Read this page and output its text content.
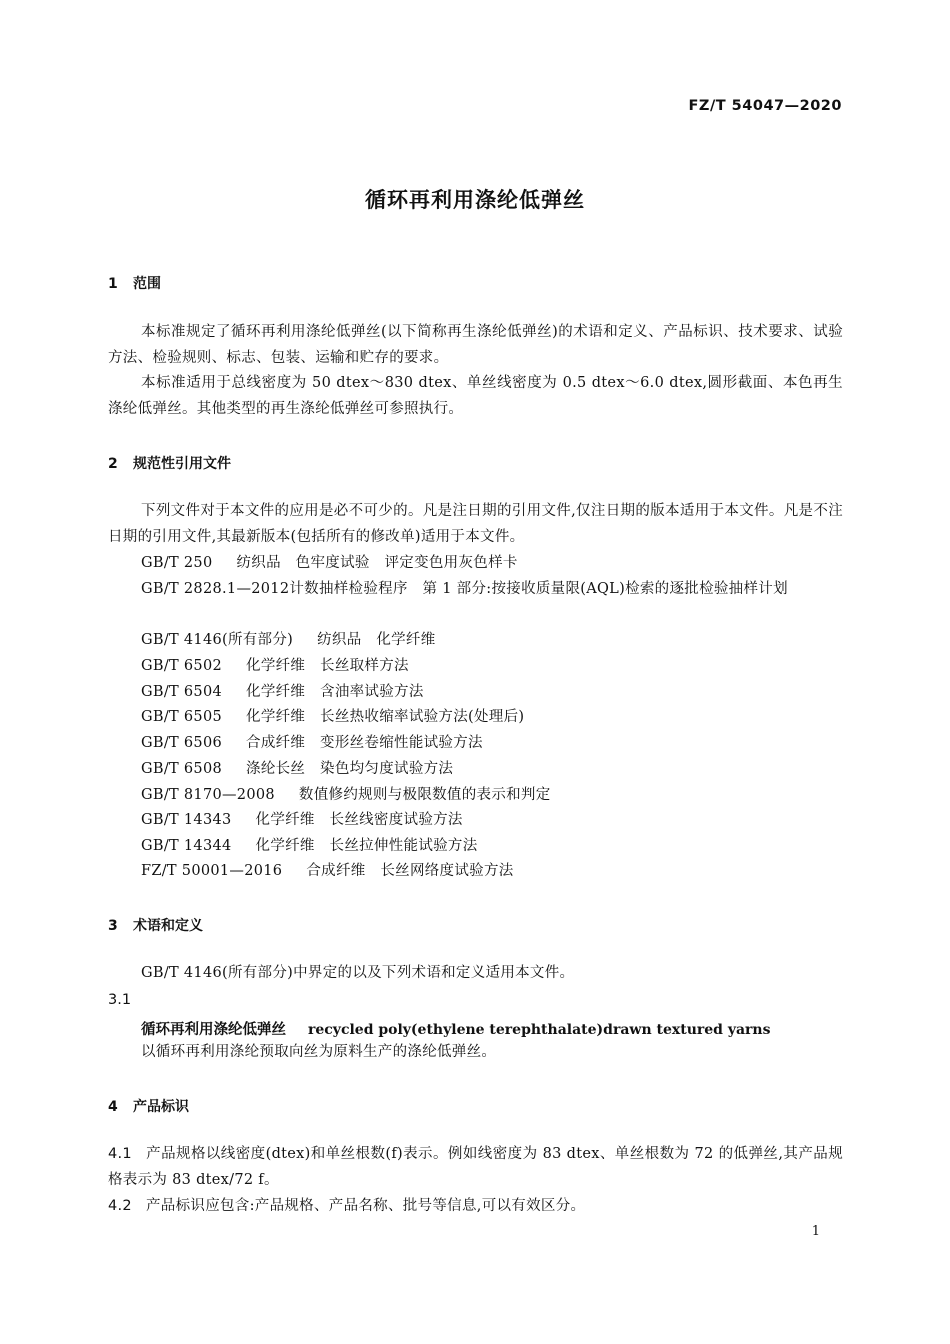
FZ/T 54047—2020
循环再利用涤纶低弹丝
1 范围
本标准规定了循环再利用涤纶低弹丝(以下简称再生涤纶低弹丝)的术语和定义、产品标识、技术要求、试验方法、检验规则、标志、包装、运输和贮存的要求。
本标准适用于总线密度为 50 dtex～830 dtex、单丝线密度为 0.5 dtex～6.0 dtex,圆形截面、本色再生涤纶低弹丝。其他类型的再生涤纶低弹丝可参照执行。
2 规范性引用文件
下列文件对于本文件的应用是必不可少的。凡是注日期的引用文件,仅注日期的版本适用于本文件。凡是不注日期的引用文件,其最新版本(包括所有的修改单)适用于本文件。
GB/T 250 纺织品　色牢度试验　评定变色用灰色样卡
GB/T 2828.1—2012计数抽样检验程序　第 1 部分:按接收质量限(AQL)检索的逐批检验抽样计划
GB/T 4146(所有部分) 纺织品　化学纤维
GB/T 6502 化学纤维　长丝取样方法
GB/T 6504 化学纤维　含油率试验方法
GB/T 6505 化学纤维　长丝热收缩率试验方法(处理后)
GB/T 6506 合成纤维　变形丝卷缩性能试验方法
GB/T 6508 涤纶长丝　染色均匀度试验方法
GB/T 8170—2008 数值修约规则与极限数值的表示和判定
GB/T 14343 化学纤维　长丝线密度试验方法
GB/T 14344 化学纤维　长丝拉伸性能试验方法
FZ/T 50001—2016 合成纤维　长丝网络度试验方法
3 术语和定义
GB/T 4146(所有部分)中界定的以及下列术语和定义适用本文件。
3.1
循环再利用涤纶低弹丝 recycled poly(ethylene terephthalate)drawn textured yarns
以循环再利用涤纶预取向丝为原料生产的涤纶低弹丝。
4 产品标识
4.1 产品规格以线密度(dtex)和单丝根数(f)表示。例如线密度为 83 dtex、单丝根数为 72 的低弹丝,其产品规格表示为 83 dtex/72 f。
4.2 产品标识应包含:产品规格、产品名称、批号等信息,可以有效区分。
1
